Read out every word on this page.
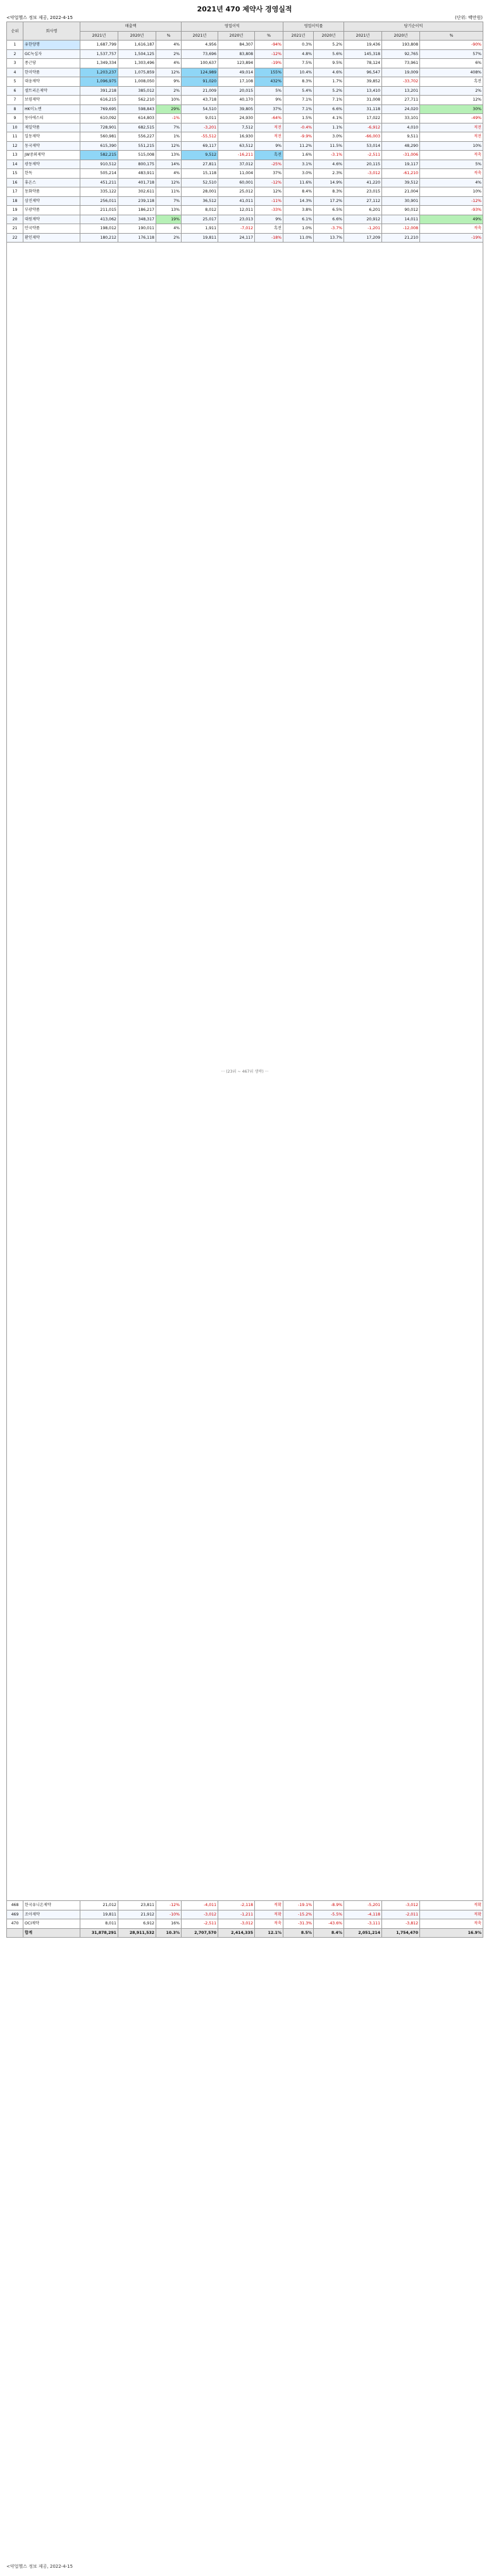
2021년 470 제약사 경영실적
<약업헬스 정보 제공, 2022-4-15	(단위: 백만원)
순위	회사명	매출액			영업이익			영업이익률		당기순이익		
		2021년	2020년	%	2021년	2020년	%	2021년	2020년	2021년	2020년	%
1	유한양행	1,687,799	1,616,187	4%	4,956	84,307	-94%	0.3%	5.2%	19,436	193,808	-90%
2	GC녹십자	1,537,757	1,504,125	2%	73,696	83,808	-12%	4.8%	5.6%	145,318	92,765	57%
3	종근당	1,349,334	1,303,496	4%	100,637	123,894	-19%	7.5%	9.5%	78,124	73,961	6%
4	한미약품	1,203,237	1,075,859	12%	124,989	49,014	155%	10.4%	4.6%	96,547	19,009	408%
5	대웅제약	1,096,975	1,008,050	9%	91,020	17,108	432%	8.3%	1.7%	39,852	-33,702	흑전
6	셀트리온제약	391,218	385,012	2%	21,009	20,015	5%	5.4%	5.2%	13,410	13,201	2%
7	보령제약	616,215	562,210	10%	43,718	40,170	9%	7.1%	7.1%	31,008	27,711	12%
8	HK이노엔	769,695	598,843	29%	54,510	39,805	37%	7.1%	6.6%	31,118	24,020	30%
9	동아에스티	610,092	614,803	-1%	9,011	24,930	-64%	1.5%	4.1%	17,022	33,101	-49%
10	제일약품	728,901	682,515	7%	-3,201	7,512	적전	-0.4%	1.1%	-6,912	4,010	적전
11	일동제약	560,981	556,227	1%	-55,512	16,930	적전	-9.9%	3.0%	-66,003	9,511	적전
12	동국제약	615,390	551,215	12%	69,117	63,512	9%	11.2%	11.5%	53,014	48,290	10%
13	JW중외제약	582,215	515,008	13%	9,512	-16,211	흑전	1.6%	-3.1%	-2,511	-31,006	적축
14	광동제약	910,512	800,175	14%	27,811	37,012	-25%	3.1%	4.6%	20,115	19,117	5%
15	한독	505,214	483,911	4%	15,118	11,004	37%	3.0%	2.3%	-3,012	-61,210	적축
16	휴온스	451,211	401,718	12%	52,510	60,001	-12%	11.6%	14.9%	41,220	39,512	4%
17	동화약품	335,122	302,611	11%	28,001	25,012	12%	8.4%	8.3%	23,015	21,004	10%
18	삼진제약	256,011	239,118	7%	36,512	41,011	-11%	14.3%	17.2%	27,112	30,901	-12%
19	부광약품	211,015	186,217	13%	8,012	12,011	-33%	3.8%	6.5%	6,201	90,012	-93%
20	대원제약	413,062	348,317	19%	25,017	23,013	9%	6.1%	6.6%	20,912	14,011	49%
21	안국약품	198,012	190,011	4%	1,911	-7,012	흑전	1.0%	-3.7%	-1,201	-12,008	적축
22	환인제약	180,212	176,118	2%	19,811	24,117	-18%	11.0%	13.7%	17,209	21,210	-19%
··· (23위 ~ 467위 생략) ···												
468	한국유니온제약	21,012	23,811	-12%	-4,011	-2,118	적확	-19.1%	-8.9%	-5,201	-3,012	적확
469	조아제약	19,811	21,912	-10%	-3,012	-1,211	적확	-15.2%	-5.5%	-4,118	-2,011	적확
470	OCI제약	8,011	6,912	16%	-2,511	-3,012	적축	-31.3%	-43.6%	-3,111	-3,812	적축
	합계	31,878,291	28,911,532	10.3%	2,707,570	2,414,335	12.1%	8.5%	8.4%	2,051,214	1,754,470	16.9%
<약업헬스 정보 제공, 2022-4-15
